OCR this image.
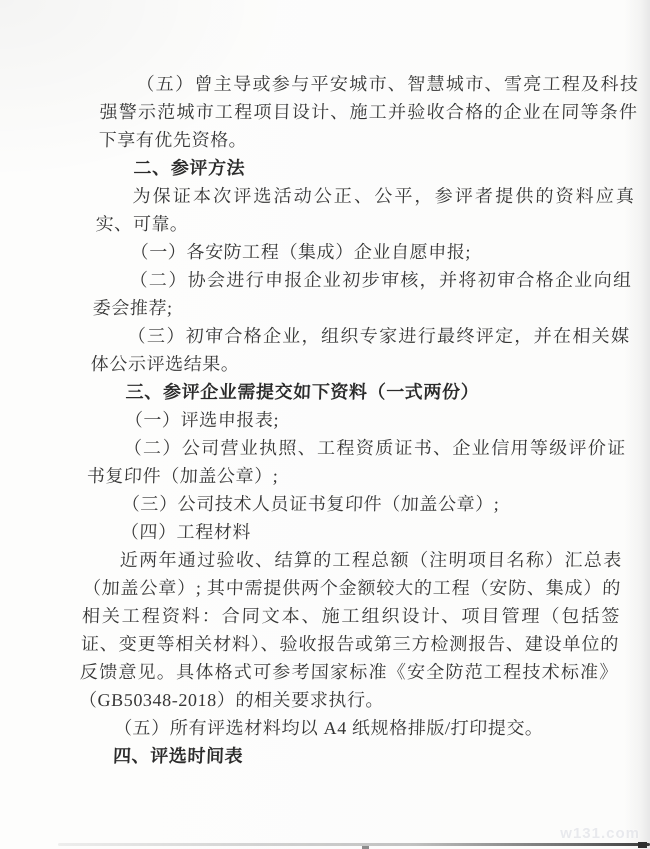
（五）曾主导或参与平安城市、智慧城市、雪亮工程及科技强警示范城市工程项目设计、施工并验收合格的企业在同等条件下享有优先资格。

二、参评方法

为保证本次评选活动公正、公平，参评者提供的资料应真实、可靠。

（一）各安防工程（集成）企业自愿申报;

（二）协会进行申报企业初步审核，并将初审合格企业向组委会推荐;

（三）初审合格企业，组织专家进行最终评定，并在相关媒体公示评选结果。

三、参评企业需提交如下资料（一式两份）

（一）评选申报表;

（二）公司营业执照、工程资质证书、企业信用等级评价证书复印件（加盖公章）;

（三）公司技术人员证书复印件（加盖公章）;

（四）工程材料

近两年通过验收、结算的工程总额（注明项目名称）汇总表（加盖公章）; 其中需提供两个金额较大的工程（安防、集成）的相关工程资料：合同文本、施工组织设计、项目管理（包括签证、变更等相关材料）、验收报告或第三方检测报告、建设单位的反馈意见。具体格式可参考国家标准《安全防范工程技术标准》（GB50348-2018）的相关要求执行。

（五）所有评选材料均以 A4 纸规格排版/打印提交。

四、评选时间表

w131.com
